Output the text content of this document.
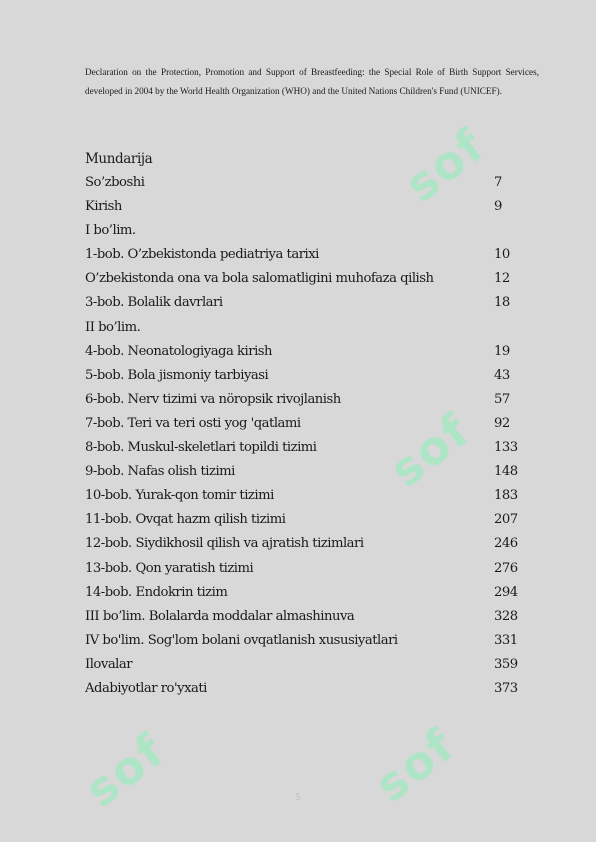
sof
sof
sof	sof

Declaration on the Protection, Promotion and Support of Breastfeeding: the Special Role of Birth Support Services, developed in 2004 by the World Health Organization (WHO) and the United Nations Children's Fund (UNICEF).

Mundarija
So’zboshi	7
Kirish	9
I bo’lim.
1-bob. O’zbekistonda pediatriya tarixi	10
O’zbekistonda ona va bola salomatligini muhofaza qilish	12
3-bob. Bolalik davrlari	18
II bo’lim.
4-bob. Neonatologiyaga kirish	19
5-bob. Bola jismoniy tarbiyasi	43
6-bob. Nerv tizimi va nöropsik rivojlanish	57
7-bob. Teri va teri osti yog 'qatlami	92
8-bob. Muskul-skeletlari topildi tizimi	133
9-bob. Nafas olish tizimi	148
10-bob. Yurak-qon tomir tizimi	183
11-bob. Ovqat hazm qilish tizimi	207
12-bob. Siydikhosil qilish va ajratish tizimlari	246
13-bob. Qon yaratish tizimi	276
14-bob. Endokrin tizim	294
III bo’lim. Bolalarda moddalar almashinuva	328
IV bo'lim. Sog'lom bolani ovqatlanish xususiyatlari	331
Ilovalar	359
Adabiyotlar ro'yxati	373
5
